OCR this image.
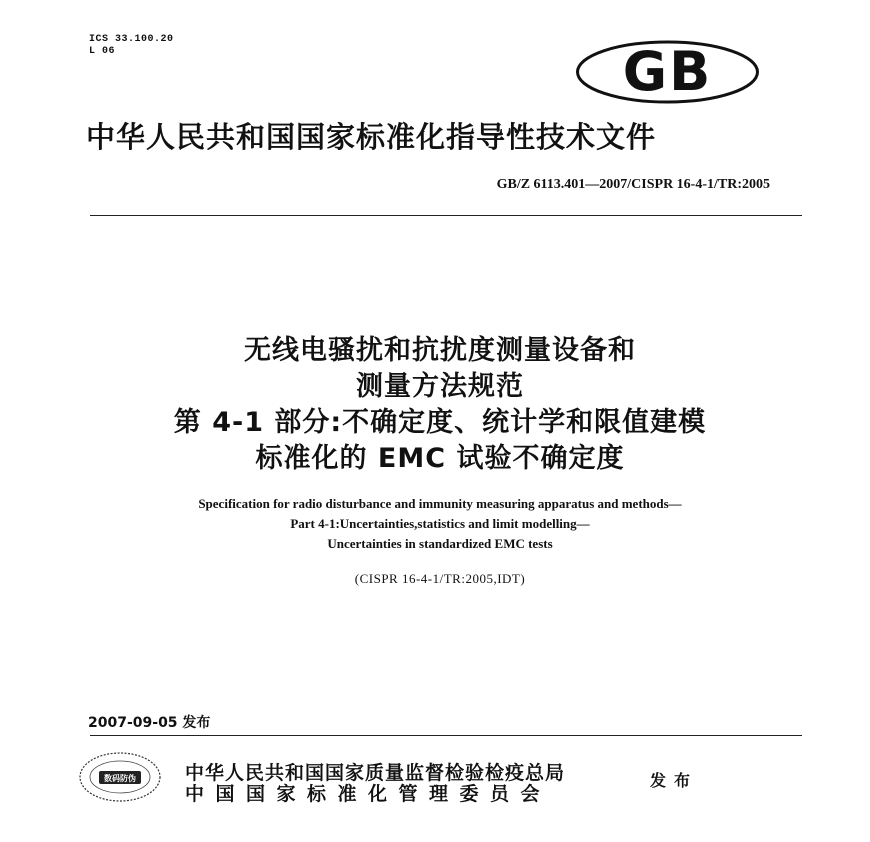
ICS 33.100.20
L 06	GB
中华人民共和国国家标准化指导性技术文件
GB/Z 6113.401—2007/CISPR 16-4-1/TR:2005
无线电骚扰和抗扰度测量设备和
测量方法规范
第 4-1 部分:不确定度、统计学和限值建模
标准化的 EMC 试验不确定度
Specification for radio disturbance and immunity measuring apparatus and methods—
Part 4-1:Uncertainties,statistics and limit modelling—
Uncertainties in standardized EMC tests
(CISPR 16-4-1/TR:2005,IDT)
2007-09-05 发布
数码防伪	中华人民共和国国家质量监督检验检疫总局
中国国家标准化管理委员会
发布
